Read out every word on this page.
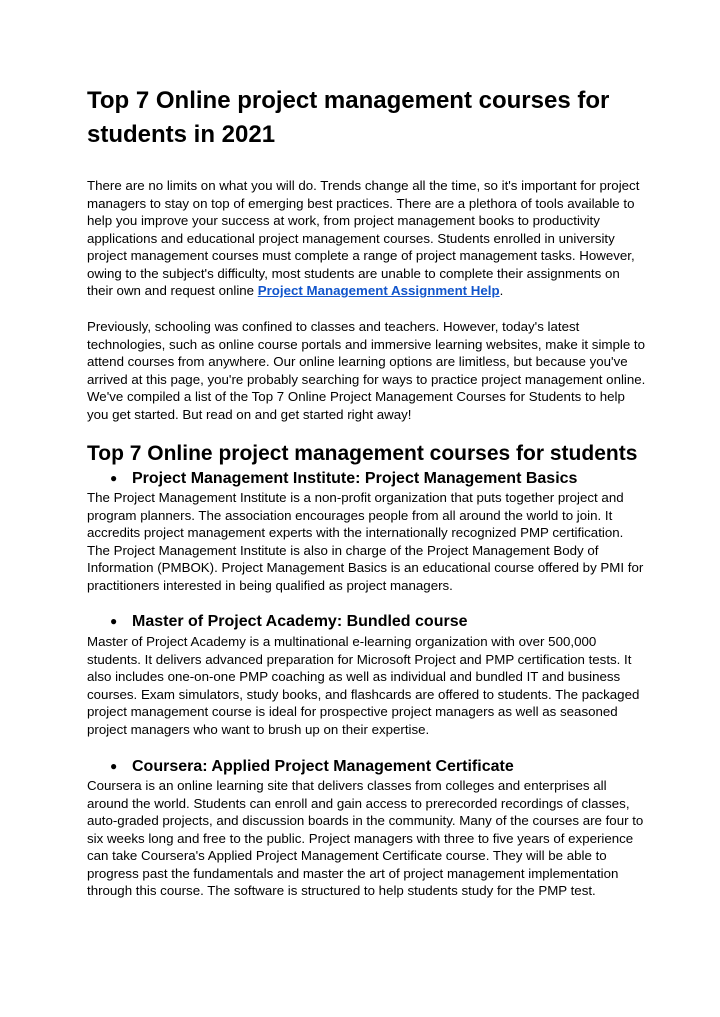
Top 7 Online project management courses for students in 2021

There are no limits on what you will do. Trends change all the time, so it's important for project managers to stay on top of emerging best practices. There are a plethora of tools available to help you improve your success at work, from project management books to productivity applications and educational project management courses. Students enrolled in university project management courses must complete a range of project management tasks. However, owing to the subject's difficulty, most students are unable to complete their assignments on their own and request online Project Management Assignment Help.

Previously, schooling was confined to classes and teachers. However, today's latest technologies, such as online course portals and immersive learning websites, make it simple to attend courses from anywhere. Our online learning options are limitless, but because you've arrived at this page, you're probably searching for ways to practice project management online. We've compiled a list of the Top 7 Online Project Management Courses for Students to help you get started. But read on and get started right away!

Top 7 Online project management courses for students
● Project Management Institute: Project Management Basics

The Project Management Institute is a non-profit organization that puts together project and program planners. The association encourages people from all around the world to join. It accredits project management experts with the internationally recognized PMP certification. The Project Management Institute is also in charge of the Project Management Body of Information (PMBOK). Project Management Basics is an educational course offered by PMI for practitioners interested in being qualified as project managers.

● Master of Project Academy: Bundled course

Master of Project Academy is a multinational e-learning organization with over 500,000 students. It delivers advanced preparation for Microsoft Project and PMP certification tests. It also includes one-on-one PMP coaching as well as individual and bundled IT and business courses. Exam simulators, study books, and flashcards are offered to students. The packaged project management course is ideal for prospective project managers as well as seasoned project managers who want to brush up on their expertise.

● Coursera: Applied Project Management Certificate

Coursera is an online learning site that delivers classes from colleges and enterprises all around the world. Students can enroll and gain access to prerecorded recordings of classes, auto-graded projects, and discussion boards in the community. Many of the courses are four to six weeks long and free to the public. Project managers with three to five years of experience can take Coursera's Applied Project Management Certificate course. They will be able to progress past the fundamentals and master the art of project management implementation through this course. The software is structured to help students study for the PMP test.
